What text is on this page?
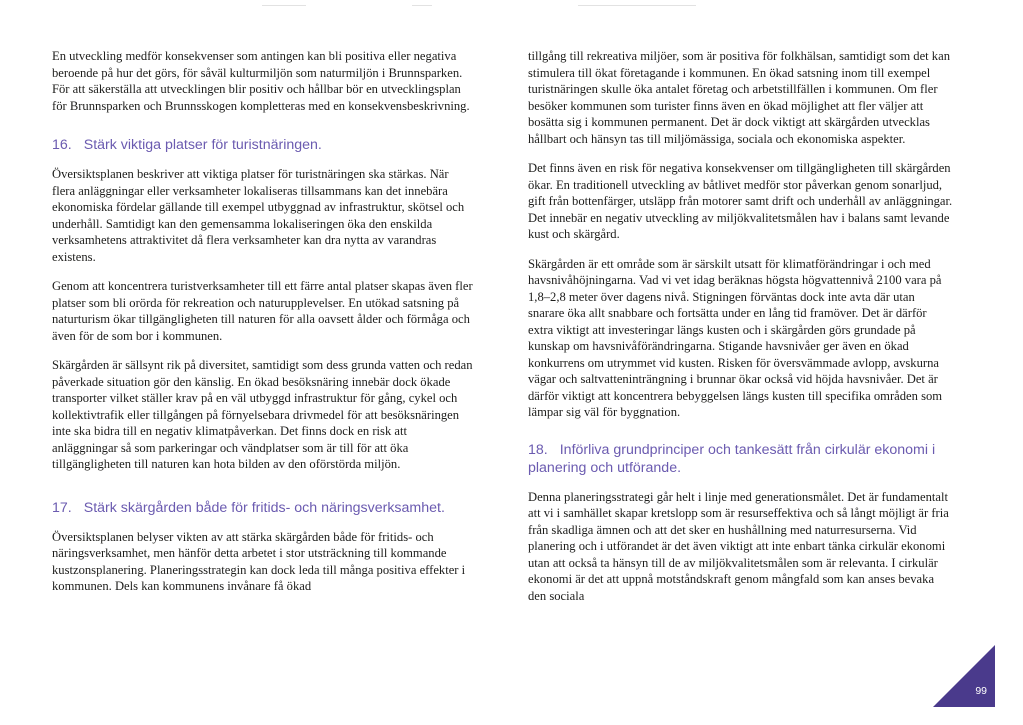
En utveckling medför konsekvenser som antingen kan bli positiva eller negativa beroende på hur det görs, för såväl kulturmiljön som naturmiljön i Brunnsparken. För att säkerställa att utvecklingen blir positiv och hållbar bör en utvecklingsplan för Brunnsparken och Brunnsskogen kompletteras med en konsekvensbeskrivning.

16. Stärk viktiga platser för turistnäringen.

Översiktsplanen beskriver att viktiga platser för turistnäringen ska stärkas. När flera anläggningar eller verksamheter lokaliseras tillsammans kan det innebära ekonomiska fördelar gällande till exempel utbyggnad av infrastruktur, skötsel och underhåll. Samtidigt kan den gemensamma lokaliseringen öka den enskilda verksamhetens attraktivitet då flera verksamheter kan dra nytta av varandras existens.

Genom att koncentrera turistverksamheter till ett färre antal platser skapas även fler platser som bli orörda för rekreation och naturupplevelser. En utökad satsning på naturturism ökar tillgängligheten till naturen för alla oavsett ålder och förmåga och även för de som bor i kommunen.

Skärgården är sällsynt rik på diversitet, samtidigt som dess grunda vatten och redan påverkade situation gör den känslig. En ökad besöksnäring innebär dock ökade transporter vilket ställer krav på en väl utbyggd infrastruktur för gång, cykel och kollektivtrafik eller tillgången på förnyelsebara drivmedel för att besöksnäringen inte ska bidra till en negativ klimatpåverkan. Det finns dock en risk att anläggningar så som parkeringar och vändplatser som är till för att öka tillgängligheten till naturen kan hota bilden av den oförstörda miljön.

17. Stärk skärgården både för fritids- och näringsverksamhet.

Översiktsplanen belyser vikten av att stärka skärgården både för fritids- och näringsverksamhet, men hänför detta arbetet i stor utsträckning till kommande kustzonsplanering. Planeringsstrategin kan dock leda till många positiva effekter i kommunen. Dels kan kommunens invånare få ökad

tillgång till rekreativa miljöer, som är positiva för folkhälsan, samtidigt som det kan stimulera till ökat företagande i kommunen. En ökad satsning inom till exempel turistnäringen skulle öka antalet företag och arbetstillfällen i kommunen. Om fler besöker kommunen som turister finns även en ökad möjlighet att fler väljer att bosätta sig i kommunen permanent. Det är dock viktigt att skärgården utvecklas hållbart och hänsyn tas till miljömässiga, sociala och ekonomiska aspekter.

Det finns även en risk för negativa konsekvenser om tillgängligheten till skärgården ökar. En traditionell utveckling av båtlivet medför stor påverkan genom sonarljud, gift från bottenfärger, utsläpp från motorer samt drift och underhåll av anläggningar. Det innebär en negativ utveckling av miljökvalitetsmålen hav i balans samt levande kust och skärgård.

Skärgården är ett område som är särskilt utsatt för klimatförändringar i och med havsnivåhöjningarna. Vad vi vet idag beräknas högsta högvattennivå 2100 vara på 1,8–2,8 meter över dagens nivå. Stigningen förväntas dock inte avta där utan snarare öka allt snabbare och fortsätta under en lång tid framöver. Det är därför extra viktigt att investeringar längs kusten och i skärgården görs grundade på kunskap om havsnivåförändringarna. Stigande havsnivåer ger även en ökad konkurrens om utrymmet vid kusten. Risken för översvämmade avlopp, avskurna vägar och saltvatteninträngning i brunnar ökar också vid höjda havsnivåer. Det är därför viktigt att koncentrera bebyggelsen längs kusten till specifika områden som lämpar sig väl för byggnation.

18. Införliva grundprinciper och tankesätt från cirkulär ekonomi i planering och utförande.

Denna planeringsstrategi går helt i linje med generationsmålet. Det är fundamentalt att vi i samhället skapar kretslopp som är resurseffektiva och så långt möjligt är fria från skadliga ämnen och att det sker en hushållning med naturresurserna. Vid planering och i utförandet är det även viktigt att inte enbart tänka cirkulär ekonomi utan att också ta hänsyn till de av miljökvalitetsmålen som är relevanta. I cirkulär ekonomi är det att uppnå motståndskraft genom mångfald som kan anses bevaka den sociala

99
